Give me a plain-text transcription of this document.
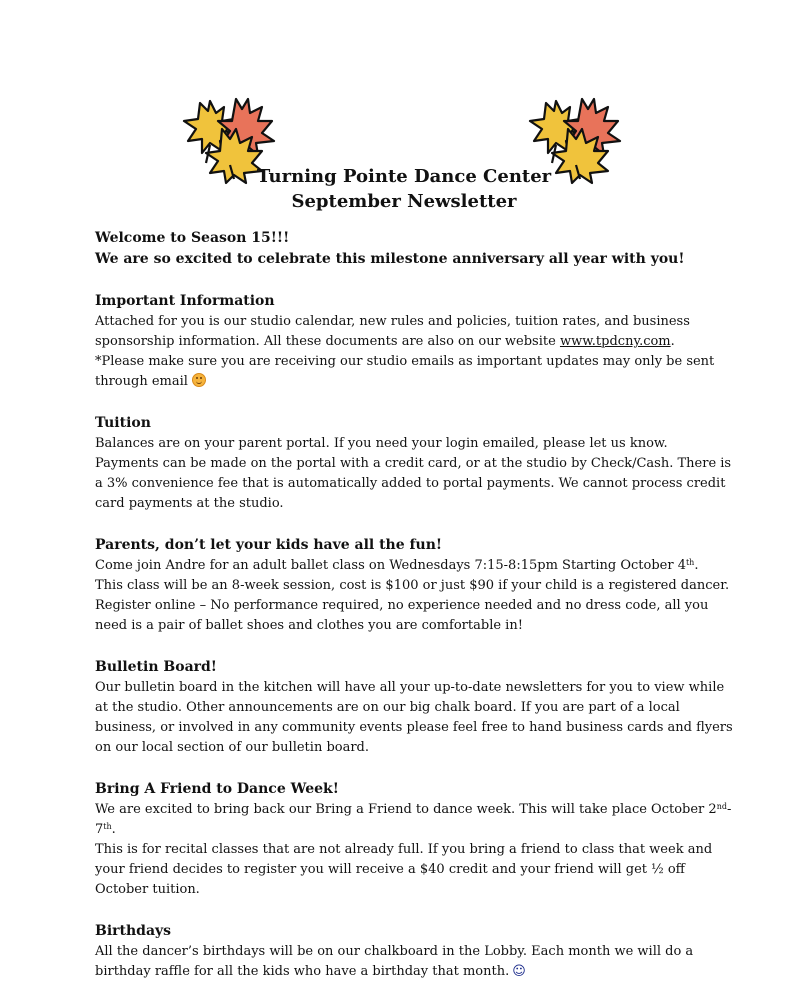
Turning Pointe Dance Center
September Newsletter

Welcome to Season 15!!!

We are so excited to celebrate this milestone anniversary all year with you!

Important Information

Attached for you is our studio calendar, new rules and policies, tuition rates, and business sponsorship information. All these documents are also on our website www.tpdcny.com.

*Please make sure you are receiving our studio emails as important updates may only be sent through email

Tuition

Balances are on your parent portal. If you need your login emailed, please let us know. Payments can be made on the portal with a credit card, or at the studio by Check/Cash. There is a 3% convenience fee that is automatically added to portal payments. We cannot process credit card payments at the studio.

Parents, don’t let your kids have all the fun!

Come join Andre for an adult ballet class on Wednesdays 7:15-8:15pm Starting October 4th.

This class will be an 8-week session, cost is $100 or just $90 if your child is a registered dancer.

Register online – No performance required, no experience needed and no dress code, all you need is a pair of ballet shoes and clothes you are comfortable in!

Bulletin Board!

Our bulletin board in the kitchen will have all your up-to-date newsletters for you to view while at the studio. Other announcements are on our big chalk board. If you are part of a local business, or involved in any community events please feel free to hand business cards and flyers on our local section of our bulletin board.

Bring A Friend to Dance Week!

We are excited to bring back our Bring a Friend to dance week. This will take place October 2nd-7th.

This is for recital classes that are not already full. If you bring a friend to class that week and your friend decides to register you will receive a $40 credit and your friend will get ½ off October tuition.

Birthdays

All the dancer’s birthdays will be on our chalkboard in the Lobby. Each month we will do a birthday raffle for all the kids who have a birthday that month. ☺
